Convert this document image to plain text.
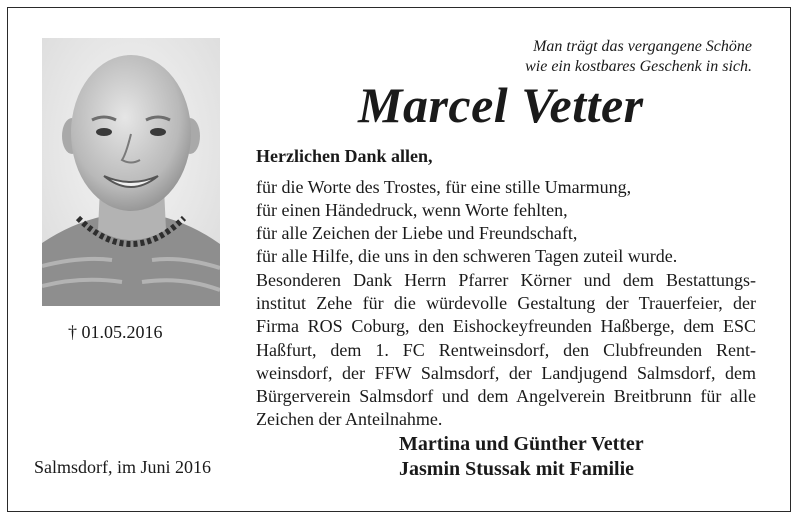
Man trägt das vergangene Schöne
wie ein kostbares Geschenk in sich.
Marcel Vetter
Herzlichen Dank allen,
für die Worte des Trostes, für eine stille Umarmung,
für einen Händedruck, wenn Worte fehlten,
für alle Zeichen der Liebe und Freundschaft,
für alle Hilfe, die uns in den schweren Tagen zuteil wurde.
Besonderen Dank Herrn Pfarrer Körner und dem Bestattungs-
institut Zehe für die würdevolle Gestaltung der Trauerfeier, der
Firma ROS Coburg, den Eishockeyfreunden Haßberge, dem ESC
Haßfurt, dem 1. FC Rentweinsdorf, den Clubfreunden Rent-
weinsdorf, der FFW Salmsdorf, der Landjugend Salmsdorf, dem
Bürgerverein Salmsdorf und dem Angelverein Breitbrunn für alle
Zeichen der Anteilnahme.
† 01.05.2016
Salmsdorf, im Juni 2016
Martina und Günther Vetter
Jasmin Stussak mit Familie
